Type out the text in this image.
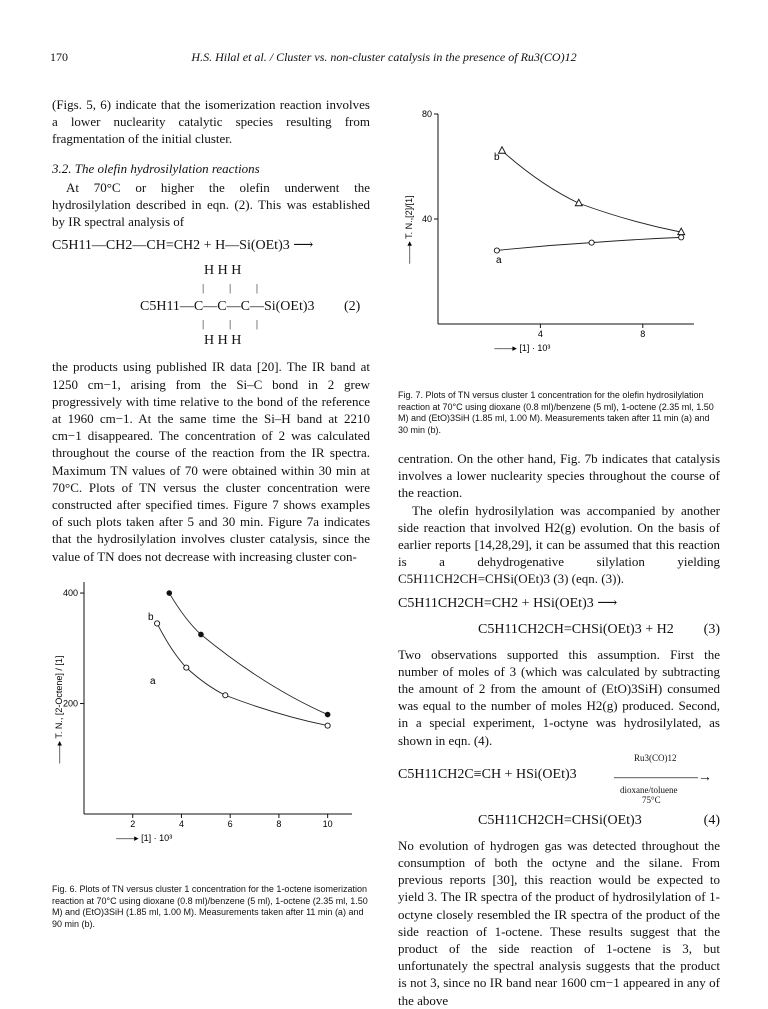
170	H.S. Hilal et al. / Cluster vs. non-cluster catalysis in the presence of Ru3(CO)12

(Figs. 5, 6) indicate that the isomerization reaction involves a lower nuclearity catalytic species resulting from fragmentation of the initial cluster.

3.2. The olefin hydrosilylation reactions

At 70°C or higher the olefin underwent the hydrosilylation described in eqn. (2). This was established by IR spectral analysis of

C5H11—CH2—CH=CH2 + H—Si(OEt)3 ⟶
H H H
|         |         |
C5H11—C—C—C—Si(OEt)3 (2)
|         |         |
H H H

the products using published IR data [20]. The IR band at 1250 cm−1, arising from the Si–C bond in 2 grew progressively with time relative to the bond of the reference at 1960 cm−1. At the same time the Si–H band at 2210 cm−1 disappeared. The concentration of 2 was calculated throughout the course of the reaction from the IR spectra. Maximum TN values of 70 were obtained within 30 min at 70°C. Plots of TN versus the cluster concentration were constructed after specified times. Figure 7 shows examples of such plots taken after 5 and 30 min. Figure 7a indicates that the hydrosilylation involves cluster catalysis, since the value of TN does not decrease with increasing cluster con-

40
80
4	8
——▸ [1] · 10³
——▸ T. N.,[2]/[1]
b
a
Fig. 7. Plots of TN versus cluster 1 concentration for the olefin hydrosilylation reaction at 70°C using dioxane (0.8 ml)/benzene (5 ml), 1-octene (2.35 ml, 1.50 M) and (EtO)3SiH (1.85 ml, 1.00 M). Measurements taken after 11 min (a) and 30 min (b).
200
400
2	4	6	8	10
——▸ [1] · 10³
——▸ T. N., [2-Octene] / [1]
b
a
Fig. 6. Plots of TN versus cluster 1 concentration for the 1-octene isomerization reaction at 70°C using dioxane (0.8 ml)/benzene (5 ml), 1-octene (2.35 ml, 1.50 M) and (EtO)3SiH (1.85 ml, 1.00 M). Measurements taken after 11 min (a) and 90 min (b).

centration. On the other hand, Fig. 7b indicates that catalysis involves a lower nuclearity species throughout the course of the reaction.

The olefin hydrosilylation was accompanied by another side reaction that involved H2(g) evolution. On the basis of earlier reports [14,28,29], it can be assumed that this reaction is a dehydrogenative silylation yielding C5H11CH2CH=CHSi(OEt)3 (3) (eqn. (3)).

C5H11CH2CH=CH2 + HSi(OEt)3 ⟶
C5H11CH2CH=CHSi(OEt)3 + H2 (3)

Two observations supported this assumption. First the number of moles of 3 (which was calculated by subtracting the amount of 2 from the amount of (EtO)3SiH) consumed was equal to the number of moles H2(g) produced. Second, in a special experiment, 1-octyne was hydrosilylated, as shown in eqn. (4).

C5H11CH2C≡CH + HSi(OEt)3
Ru3(CO)12
——————→
dioxane/toluene
75°C
C5H11CH2CH=CHSi(OEt)3	(4)

No evolution of hydrogen gas was detected throughout the consumption of both the octyne and the silane. From previous reports [30], this reaction would be expected to yield 3. The IR spectra of the product of hydrosilylation of 1-octyne closely resembled the IR spectra of the product of the side reaction of 1-octene. These results suggest that the product of the side reaction of 1-octene is 3, but unfortunately the spectral analysis suggests that the product is not 3, since no IR band near 1600 cm−1 appeared in any of the above
